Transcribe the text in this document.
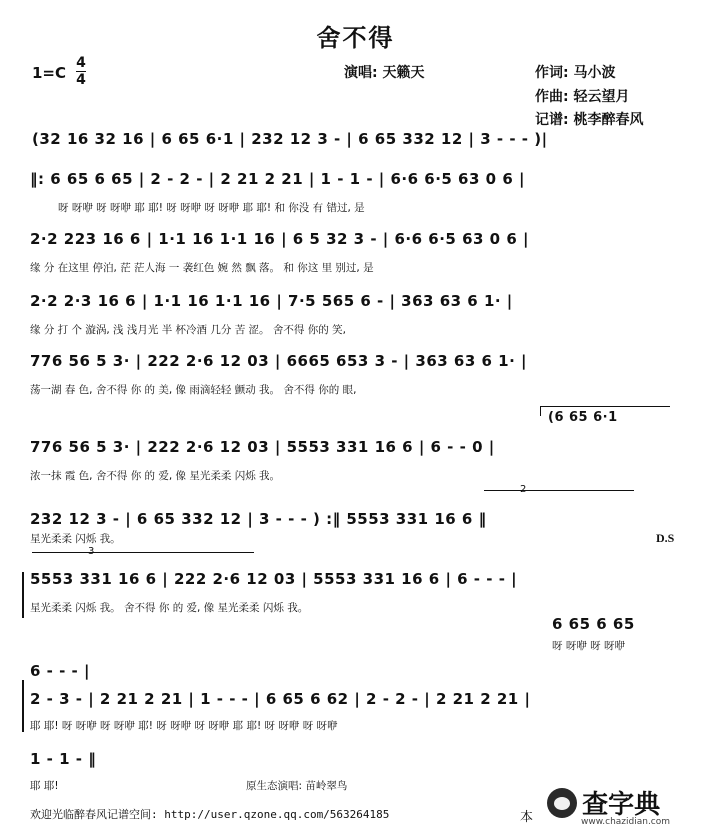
舍不得
1=C
4
4	演唱: 天籁天	作词: 马小波
作曲: 轻云望月
记谱: 桃李醉春风
(32 16 32 16 | 6 65 6·1 | 232 12 3 - | 6 65 332 12 | 3 - - - )|
‖: 6 65 6 65 | 2 - 2 - | 2 21 2 21 | 1 - 1 - | 6·6 6·5 63 0 6 |
呀 呀咿 呀 呀咿 耶 耶! 呀 呀咿 呀 呀咿 耶 耶! 和 你没 有 错过, 是
2·2 223 16 6 | 1·1 16 1·1 16 | 6 5 32 3 - | 6·6 6·5 63 0 6 |
缘 分 在这里 停泊, 茫 茫人海 一 袭红色 婉 然 飘 落。 和 你这 里 别过, 是
2·2 2·3 16 6 | 1·1 16 1·1 16 | 7·5 565 6 - | 363 63 6 1· |
缘 分 打 个 漩涡, 浅 浅月光 半 杯冷酒 几分 苦 涩。 舍不得 你的 笑,
776 56 5 3· | 222 2·6 12 03 | 6665 653 3 - | 363 63 6 1· |
荡一湖 春 色, 舍不得 你 的 美, 像 雨滴轻轻 颤动 我。 舍不得 你的 眼,
(6 65 6·1
776 56 5 3· | 222 2·6 12 03 | 5553 331 16 6 | 6 - - 0 |
浓一抹 霞 色, 舍不得 你 的 爱, 像 星光柔柔 闪烁 我。
2
232 12 3 - | 6 65 332 12 | 3 - - - ) :‖ 5553 331 16 6 ‖
D.S
星光柔柔 闪烁 我。
3
5553 331 16 6 | 222 2·6 12 03 | 5553 331 16 6 | 6 - - - |
星光柔柔 闪烁 我。 舍不得 你 的 爱, 像 星光柔柔 闪烁 我。
6 65 6 65
呀 呀咿 呀 呀咿
6 - - - |
2 - 3 - | 2 21 2 21 | 1 - - - | 6 65 6 62 | 2 - 2 - | 2 21 2 21 |
耶 耶! 呀 呀咿 呀 呀咿 耶! 呀 呀咿 呀 呀咿 耶 耶! 呀 呀咿 呀 呀咿
1 - 1 - ‖
耶 耶!	原生态演唱: 苗岭翠鸟
欢迎光临醉春风记谱空间: http://user.qzone.qq.com/563264185	本	查字典
www.chazidian.com
